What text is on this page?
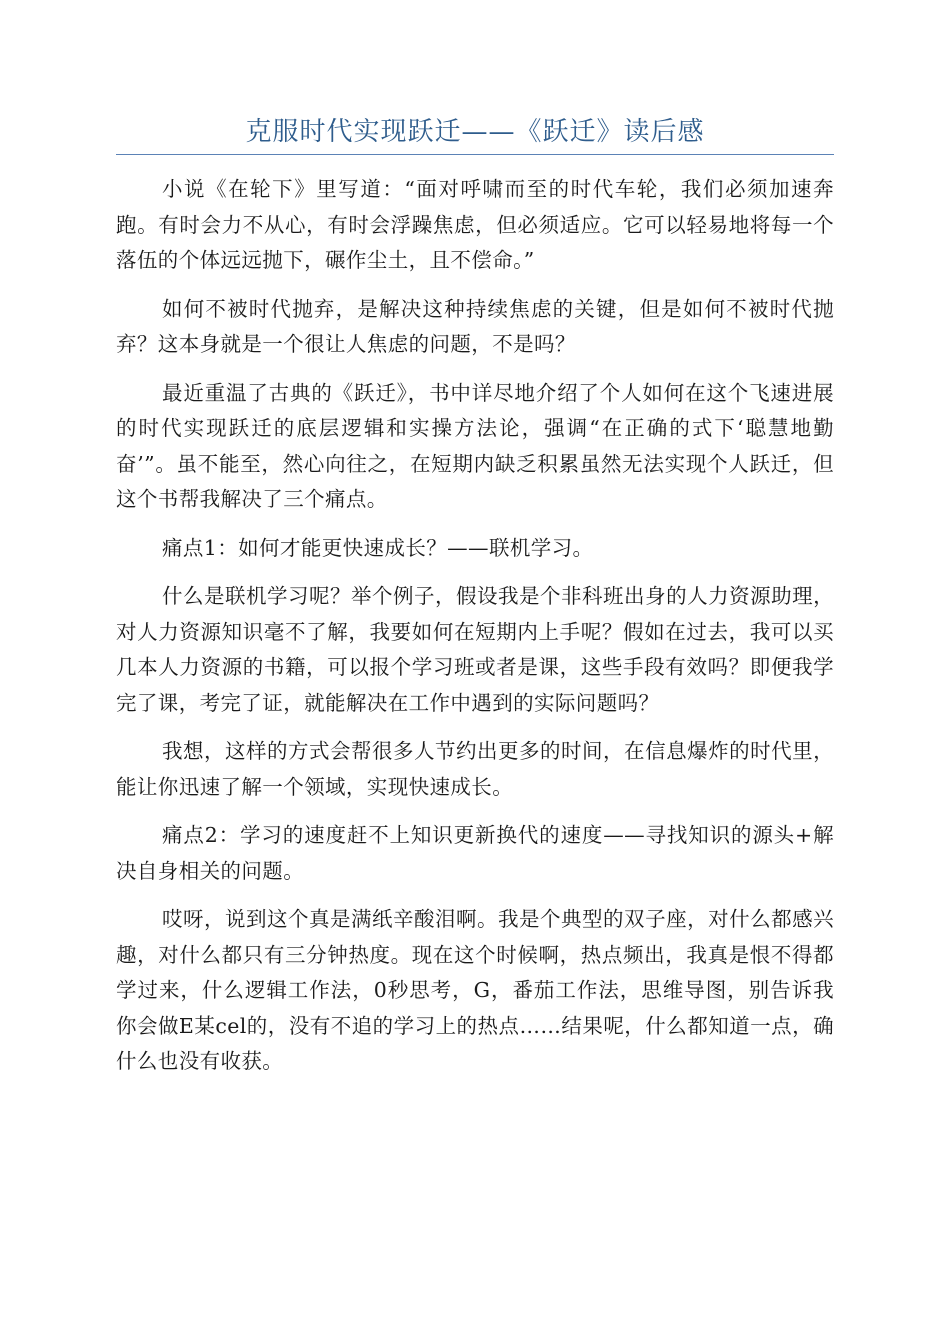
克服时代实现跃迁——《跃迁》读后感

小说《在轮下》里写道：“面对呼啸而至的时代车轮，我们必须加速奔跑。有时会力不从心，有时会浮躁焦虑，但必须适应。它可以轻易地将每一个落伍的个体远远抛下，碾作尘土，且不偿命。”

如何不被时代抛弃，是解决这种持续焦虑的关键，但是如何不被时代抛弃？这本身就是一个很让人焦虑的问题，不是吗？

最近重温了古典的《跃迁》，书中详尽地介绍了个人如何在这个飞速进展的时代实现跃迁的底层逻辑和实操方法论，强调“在正确的式下‘聪慧地勤奋’”。虽不能至，然心向往之，在短期内缺乏积累虽然无法实现个人跃迁，但这个书帮我解决了三个痛点。

痛点1：如何才能更快速成长？——联机学习。

什么是联机学习呢？举个例子，假设我是个非科班出身的人力资源助理，对人力资源知识毫不了解，我要如何在短期内上手呢？假如在过去，我可以买几本人力资源的书籍，可以报个学习班或者是课，这些手段有效吗？即便我学完了课，考完了证，就能解决在工作中遇到的实际问题吗？

我想，这样的方式会帮很多人节约出更多的时间，在信息爆炸的时代里，能让你迅速了解一个领域，实现快速成长。

痛点2：学习的速度赶不上知识更新换代的速度——寻找知识的源头+解决自身相关的问题。

哎呀，说到这个真是满纸辛酸泪啊。我是个典型的双子座，对什么都感兴趣，对什么都只有三分钟热度。现在这个时候啊，热点频出，我真是恨不得都学过来，什么逻辑工作法，0秒思考，G，番茄工作法，思维导图，别告诉我你会做E某cel的，没有不追的学习上的热点……结果呢，什么都知道一点，确什么也没有收获。
